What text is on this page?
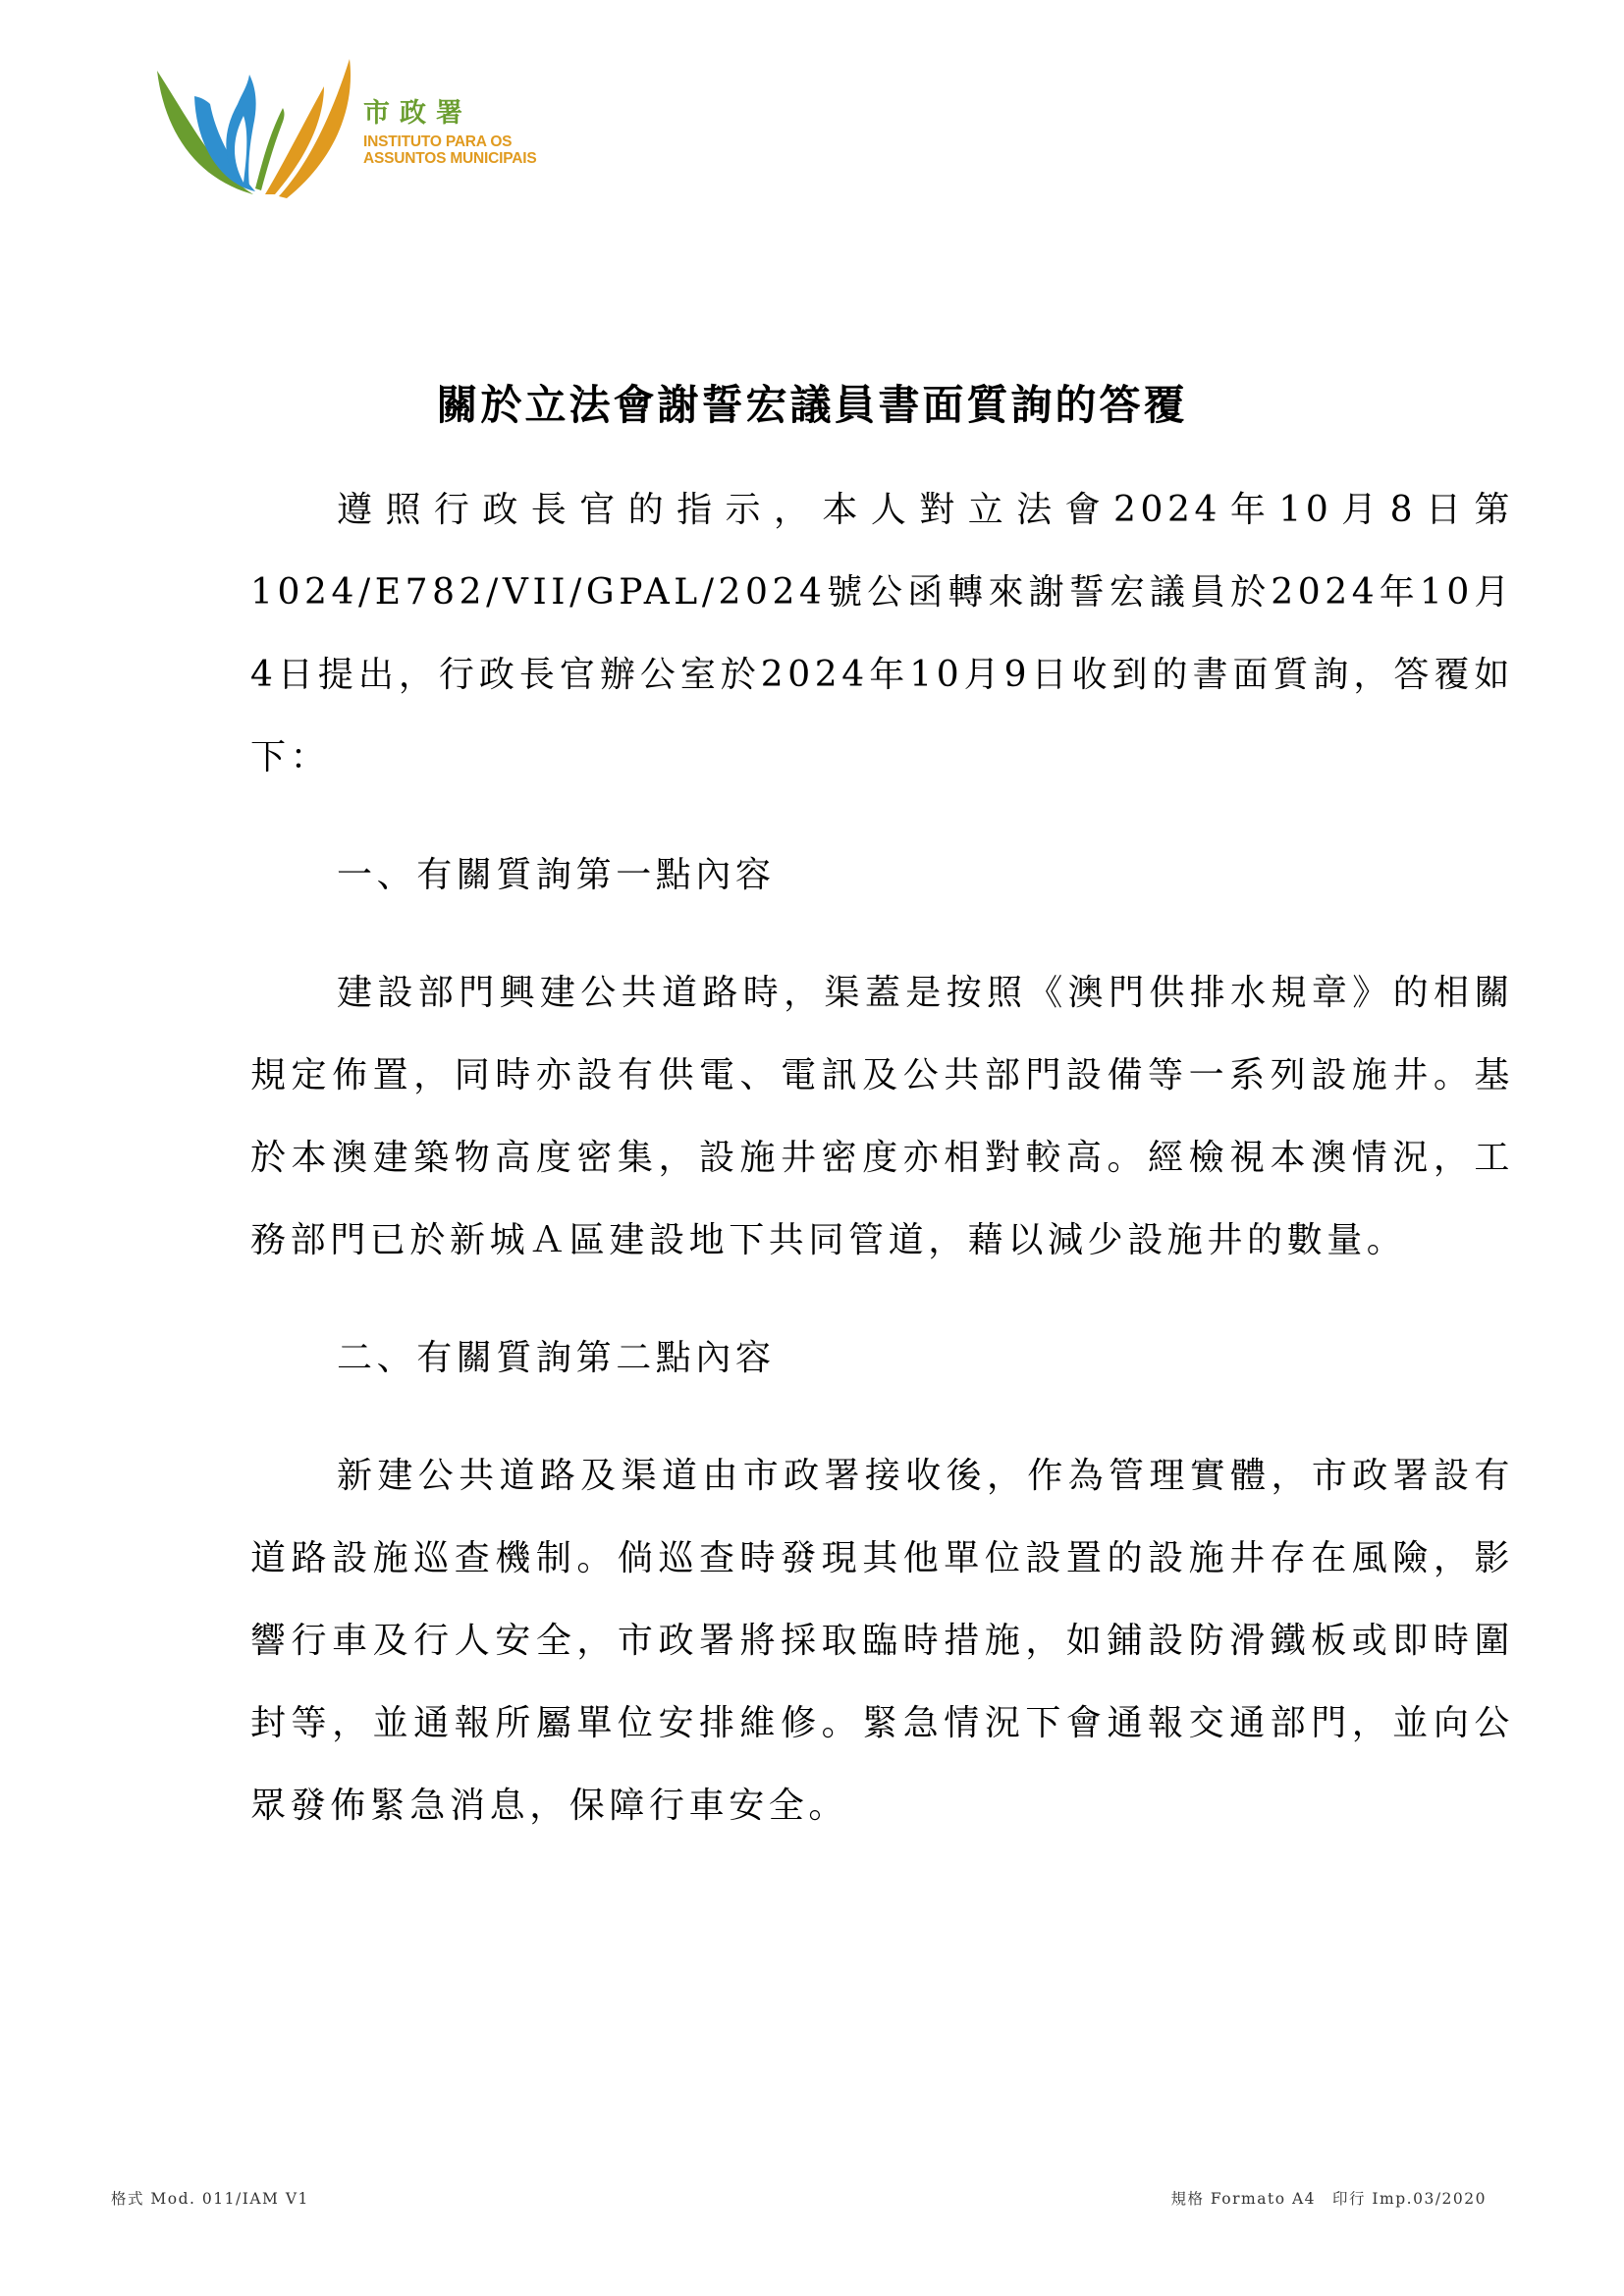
市政署
INSTITUTO PARA OS
ASSUNTOS MUNICIPAIS
關於立法會謝誓宏議員書面質詢的答覆

遵照行政長官的指示，本人對立法會2024年10月8日第1024/E782/VII/GPAL/2024號公函轉來謝誓宏議員於2024年10月4日提出，行政長官辦公室於2024年10月9日收到的書面質詢，答覆如下：

一、有關質詢第一點內容

建設部門興建公共道路時，渠蓋是按照《澳門供排水規章》的相關規定佈置，同時亦設有供電、電訊及公共部門設備等一系列設施井。基於本澳建築物高度密集，設施井密度亦相對較高。經檢視本澳情況，工務部門已於新城Ａ區建設地下共同管道，藉以減少設施井的數量。

二、有關質詢第二點內容

新建公共道路及渠道由市政署接收後，作為管理實體，市政署設有道路設施巡查機制。倘巡查時發現其他單位設置的設施井存在風險，影響行車及行人安全，市政署將採取臨時措施，如鋪設防滑鐵板或即時圍封等，並通報所屬單位安排維修。緊急情況下會通報交通部門，並向公眾發佈緊急消息，保障行車安全。

格式 Mod. 011/IAM V1	規格 Formato A4　印行 Imp.03/2020
